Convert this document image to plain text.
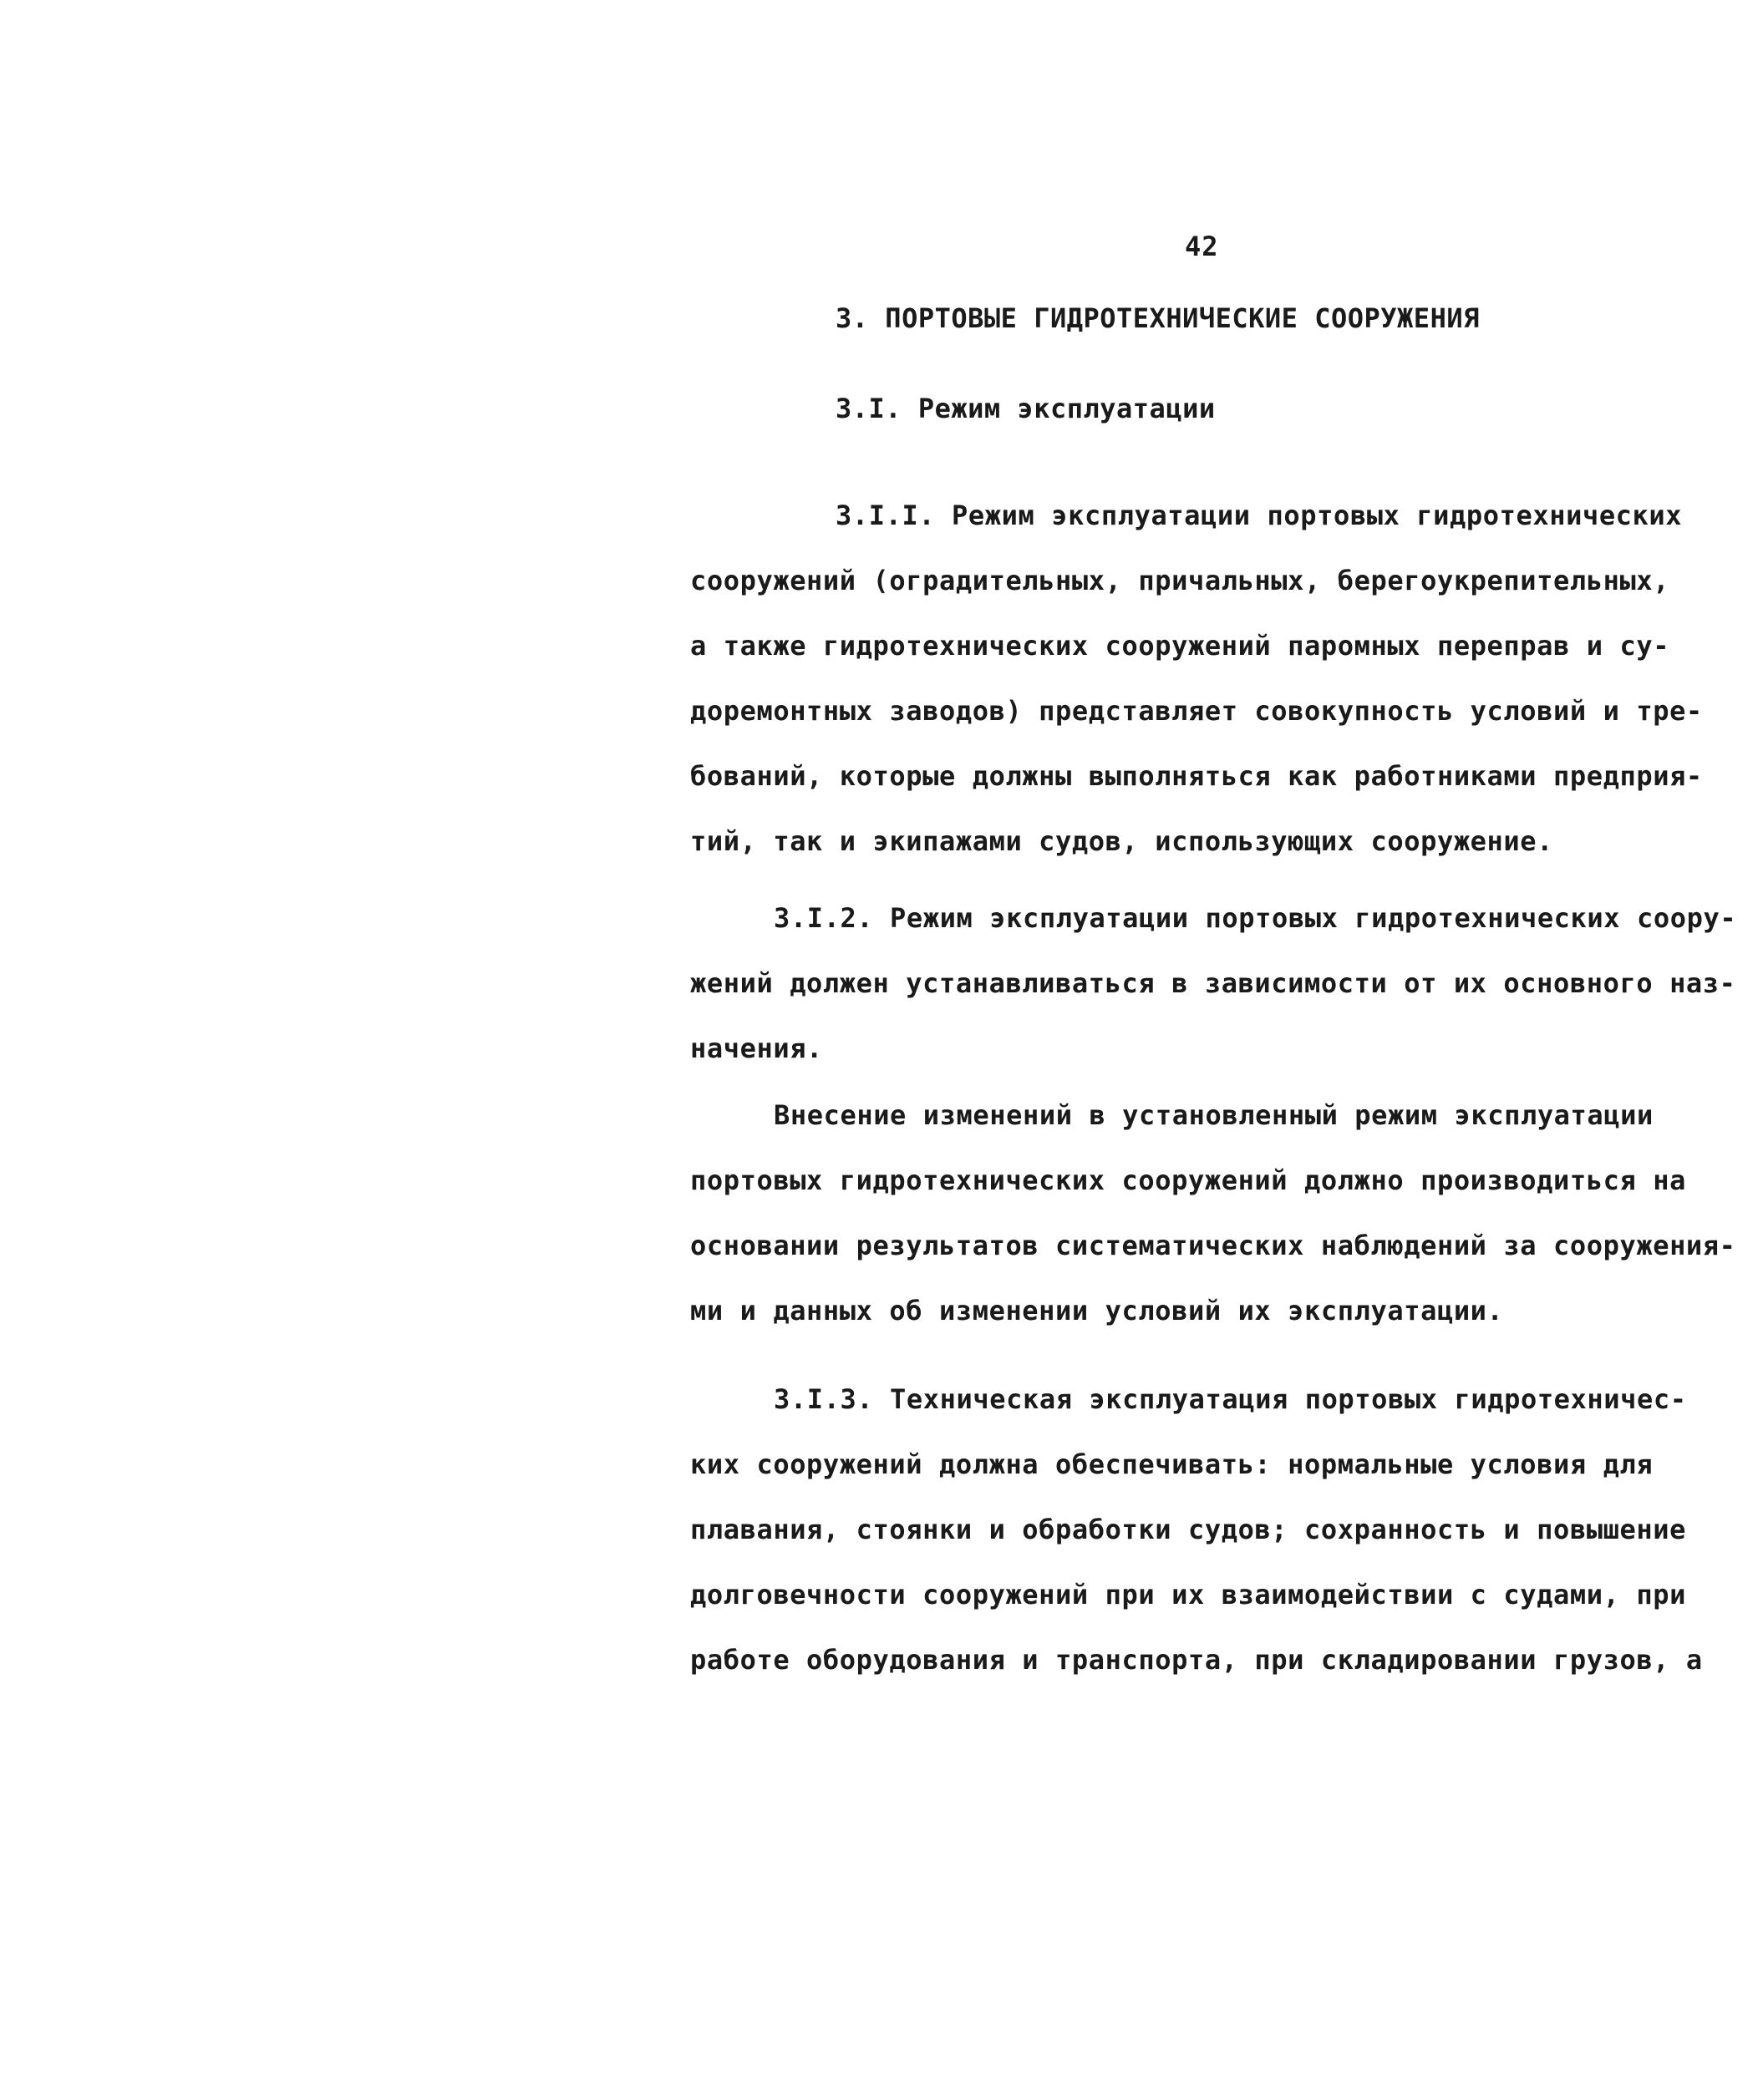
42
3. ПОРТОВЫЕ ГИДРОТЕХНИЧЕСКИЕ СООРУЖЕНИЯ
3.I. Режим эксплуатации
3.I.I. Режим эксплуатации портовых гидротехнических
сооружений (оградительных, причальных, берегоукрепительных,
а также гидротехнических сооружений паромных переправ и су-
доремонтных заводов) представляет совокупность условий и тре-
бований, которые должны выполняться как работниками предприя-
тий, так и экипажами судов, использующих сооружение.
3.I.2. Режим эксплуатации портовых гидротехнических соору-
жений должен устанавливаться в зависимости от их основного наз-
начения.
Внесение изменений в установленный режим эксплуатации
портовых гидротехнических сооружений должно производиться на
основании результатов систематических наблюдений за сооружения-
ми и данных об изменении условий их эксплуатации.
3.I.3. Техническая эксплуатация портовых гидротехничес-
ких сооружений должна обеспечивать: нормальные условия для
плавания, стоянки и обработки судов; сохранность и повышение
долговечности сооружений при их взаимодействии с судами, при
работе оборудования и транспорта, при складировании грузов, а
